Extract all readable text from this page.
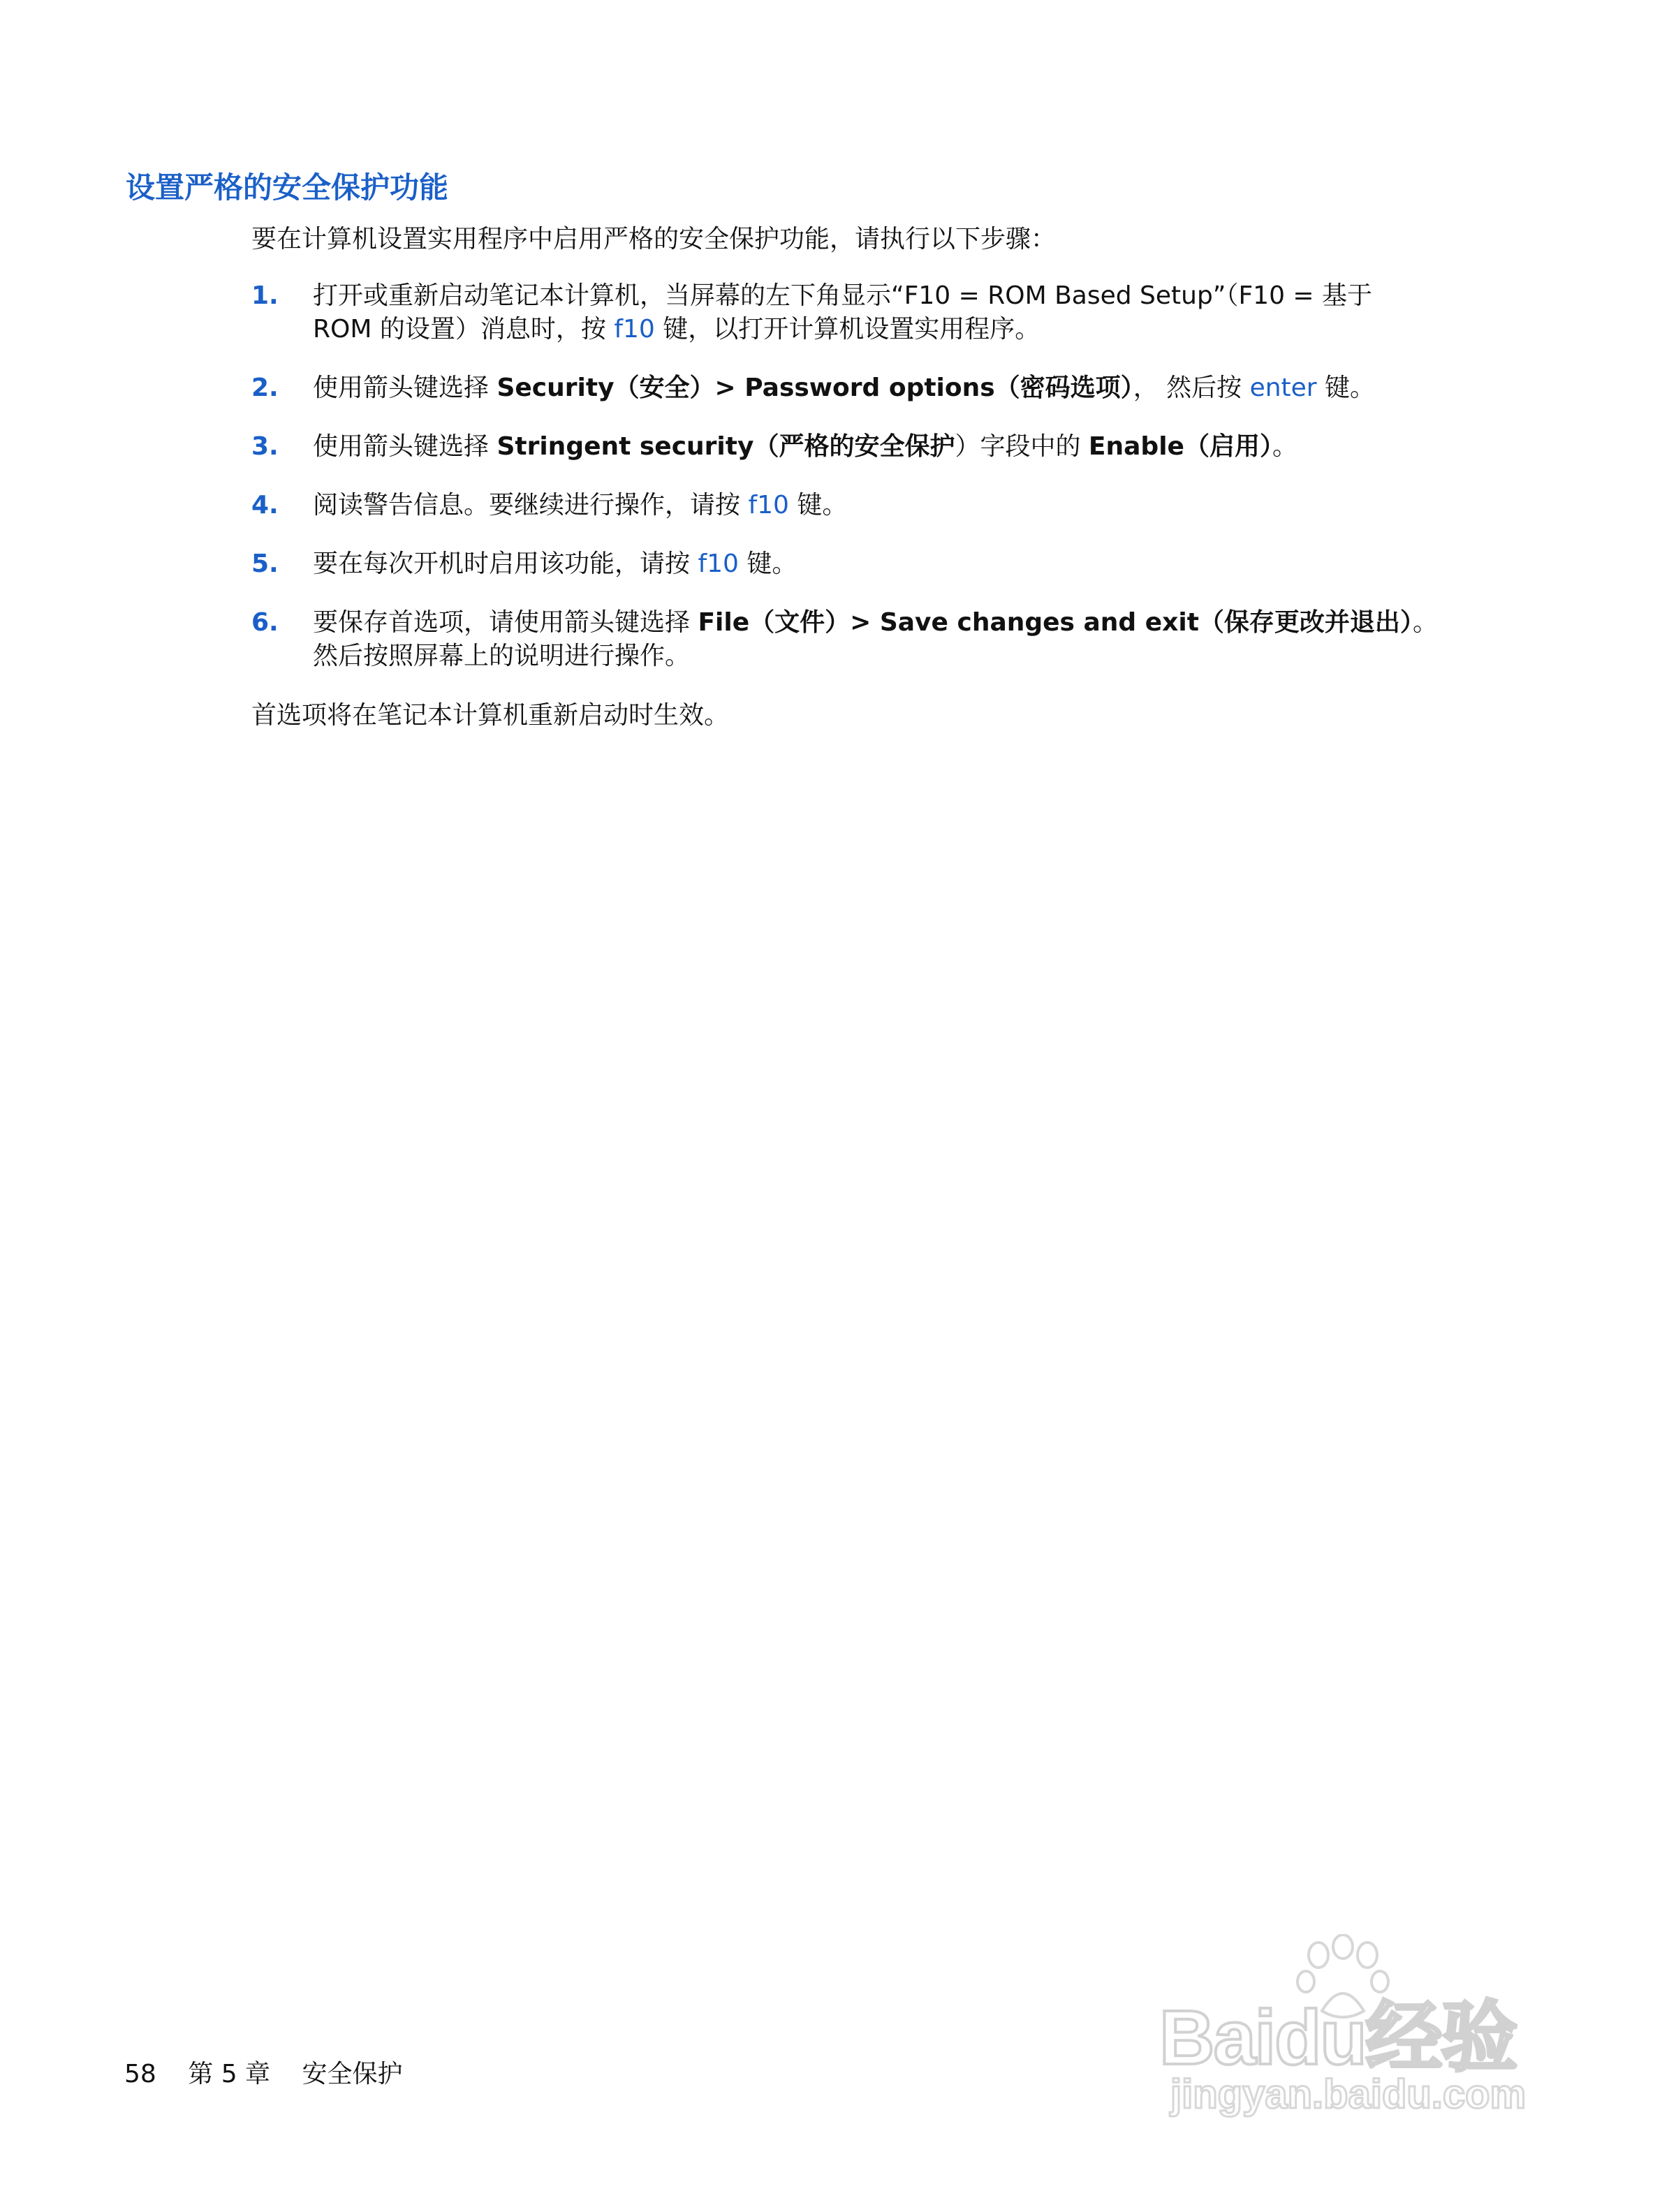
设置严格的安全保护功能
要在计算机设置实用程序中启用严格的安全保护功能，请执行以下步骤：
1. 打开或重新启动笔记本计算机，当屏幕的左下角显示“F10 = ROM Based Setup”（F10 = 基于
ROM 的设置）消息时，按 f10 键，以打开计算机设置实用程序。
2. 使用箭头键选择 Security（安全）> Password options（密码选项）， 然后按 enter 键。
3. 使用箭头键选择 Stringent security（严格的安全保护）字段中的 Enable（启用）。
4. 阅读警告信息。要继续进行操作，请按 f10 键。
5. 要在每次开机时启用该功能，请按 f10 键。
6. 要保存首选项，请使用箭头键选择 File（文件）> Save changes and exit（保存更改并退出）。
然后按照屏幕上的说明进行操作。
首选项将在笔记本计算机重新启动时生效。
58 第 5 章 安全保护	Baidu经验
jingyan.baidu.com
